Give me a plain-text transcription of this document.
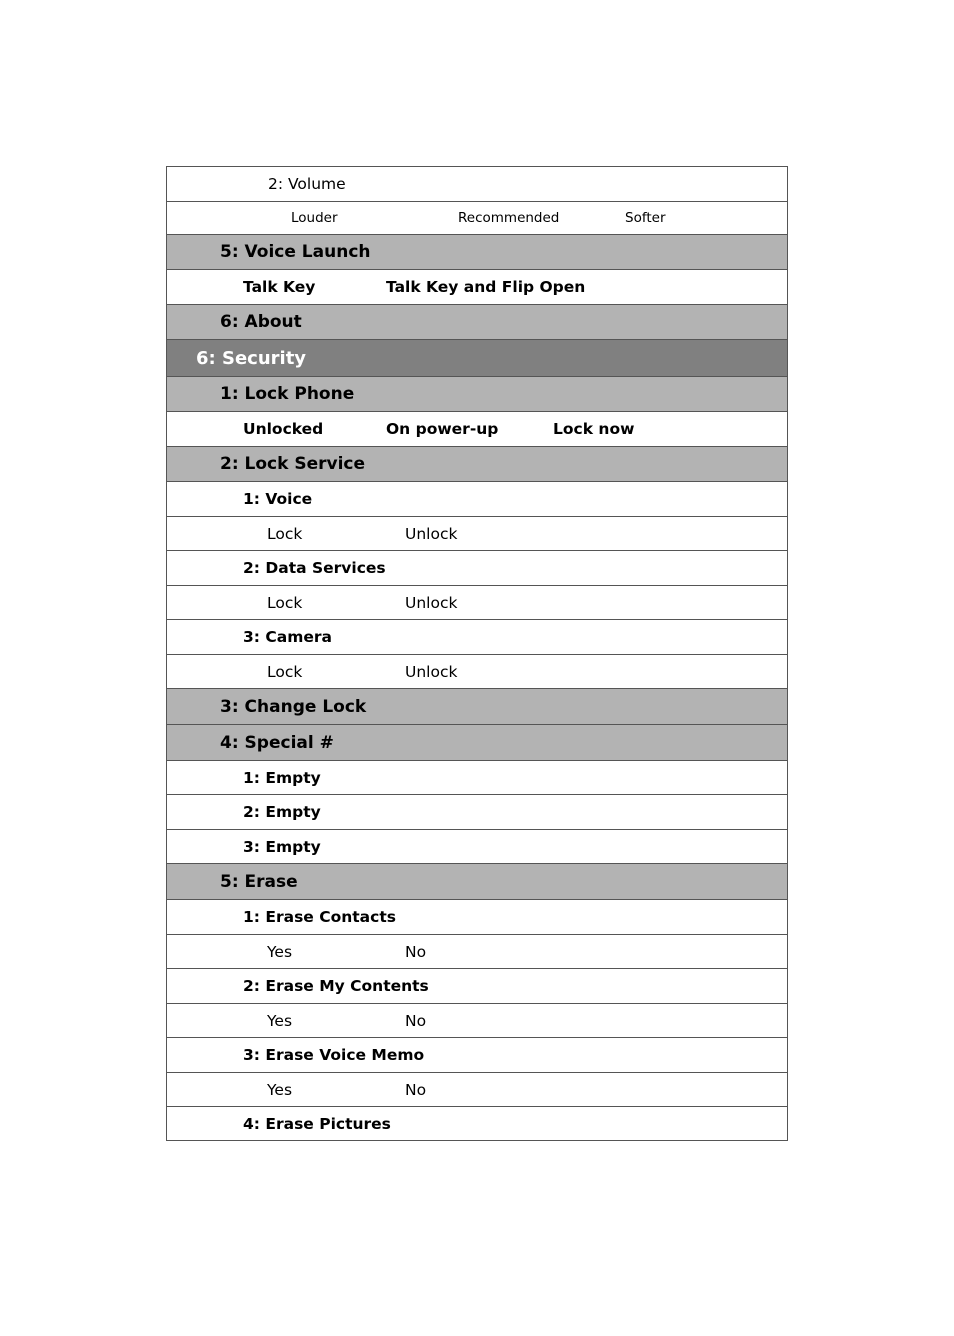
2: Volume
Louder	Recommended	Softer
5: Voice Launch
Talk Key	Talk Key and Flip Open
6: About
6: Security
1: Lock Phone
Unlocked	On power-up	Lock now
2: Lock Service
1: Voice
Lock	Unlock
2: Data Services
Lock	Unlock
3: Camera
Lock	Unlock
3: Change Lock
4: Special #
1: Empty
2: Empty
3: Empty
5: Erase
1: Erase Contacts
Yes	No
2: Erase My Contents
Yes	No
3: Erase Voice Memo
Yes	No
4: Erase Pictures
